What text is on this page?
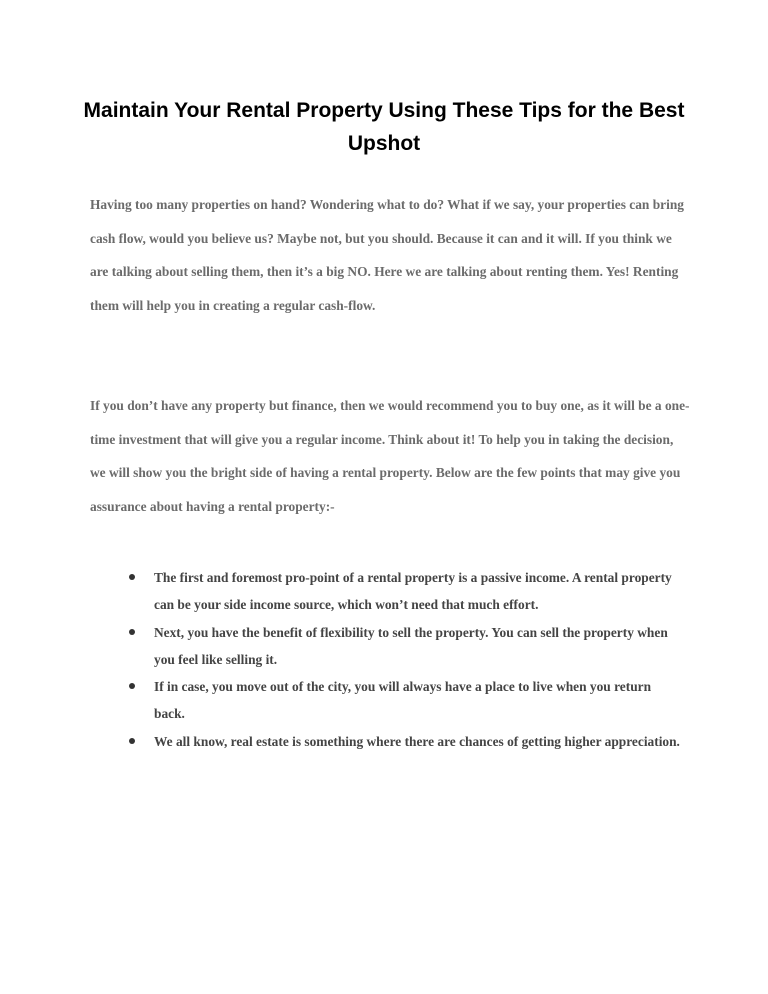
Maintain Your Rental Property Using These Tips for the Best Upshot

Having too many properties on hand? Wondering what to do? What if we say, your properties can bring cash flow, would you believe us? Maybe not, but you should. Because it can and it will. If you think we are talking about selling them, then it’s a big NO. Here we are talking about renting them. Yes! Renting them will help you in creating a regular cash-flow.

If you don’t have any property but finance, then we would recommend you to buy one, as it will be a one-time investment that will give you a regular income. Think about it! To help you in taking the decision, we will show you the bright side of having a rental property. Below are the few points that may give you assurance about having a rental property:-

The first and foremost pro-point of a rental property is a passive income. A rental property can be your side income source, which won’t need that much effort.
Next, you have the benefit of flexibility to sell the property. You can sell the property when you feel like selling it.
If in case, you move out of the city, you will always have a place to live when you return back.
We all know, real estate is something where there are chances of getting higher appreciation.
